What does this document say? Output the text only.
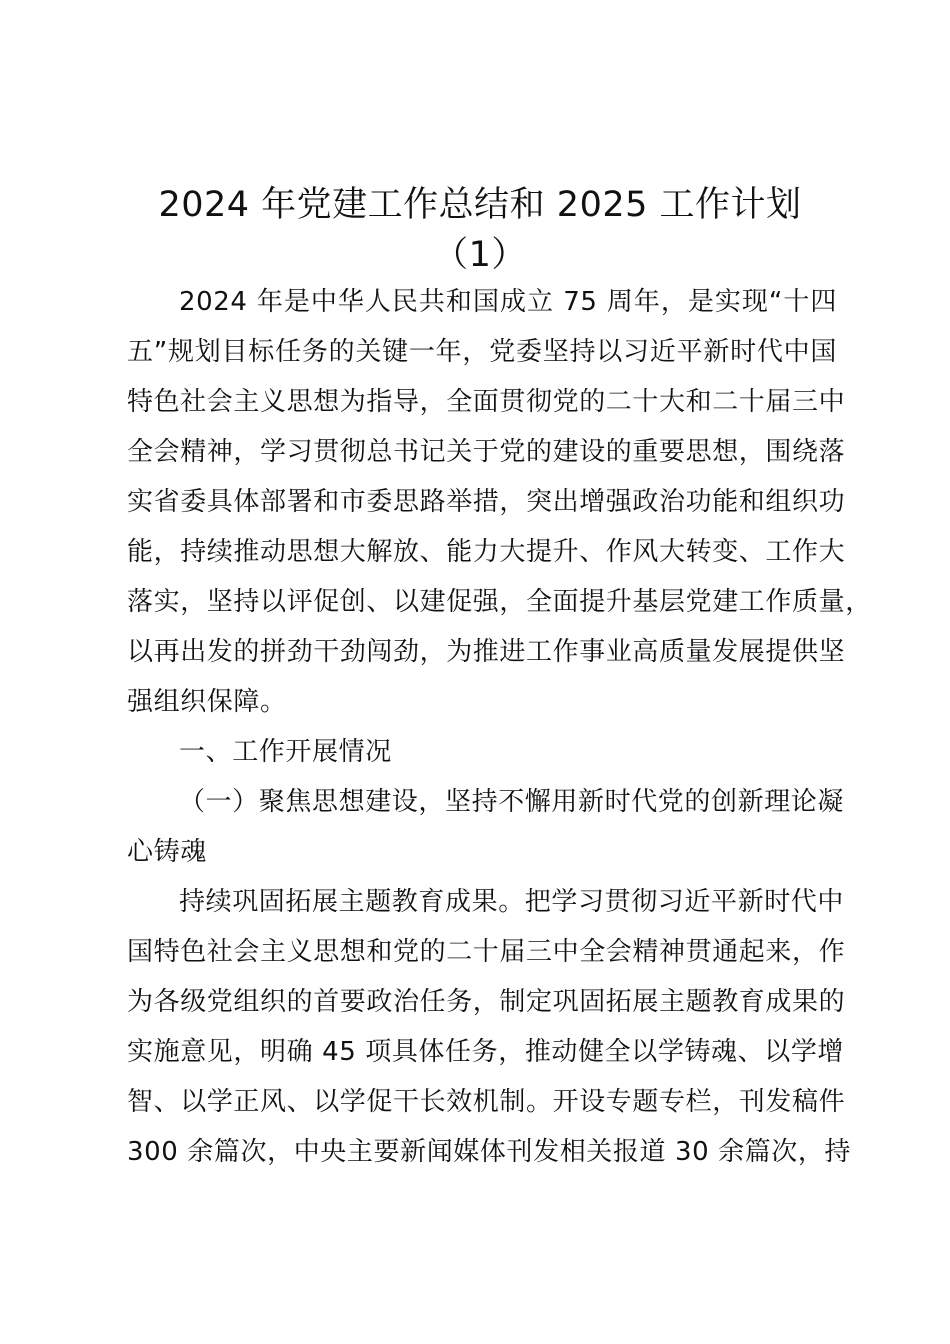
2024 年党建工作总结和 2025 工作计划
（1）
2024 年是中华人民共和国成立 75 周年，是实现“十四
五”规划目标任务的关键一年，党委坚持以习近平新时代中国
特色社会主义思想为指导，全面贯彻党的二十大和二十届三中
全会精神，学习贯彻总书记关于党的建设的重要思想，围绕落
实省委具体部署和市委思路举措，突出增强政治功能和组织功
能，持续推动思想大解放、能力大提升、作风大转变、工作大
落实，坚持以评促创、以建促强，全面提升基层党建工作质量，
以再出发的拼劲干劲闯劲，为推进工作事业高质量发展提供坚
强组织保障。
一、工作开展情况
（一）聚焦思想建设，坚持不懈用新时代党的创新理论凝
心铸魂
持续巩固拓展主题教育成果。把学习贯彻习近平新时代中
国特色社会主义思想和党的二十届三中全会精神贯通起来，作
为各级党组织的首要政治任务，制定巩固拓展主题教育成果的
实施意见，明确 45 项具体任务，推动健全以学铸魂、以学增
智、以学正风、以学促干长效机制。开设专题专栏，刊发稿件
300 余篇次，中央主要新闻媒体刊发相关报道 30 余篇次，持
